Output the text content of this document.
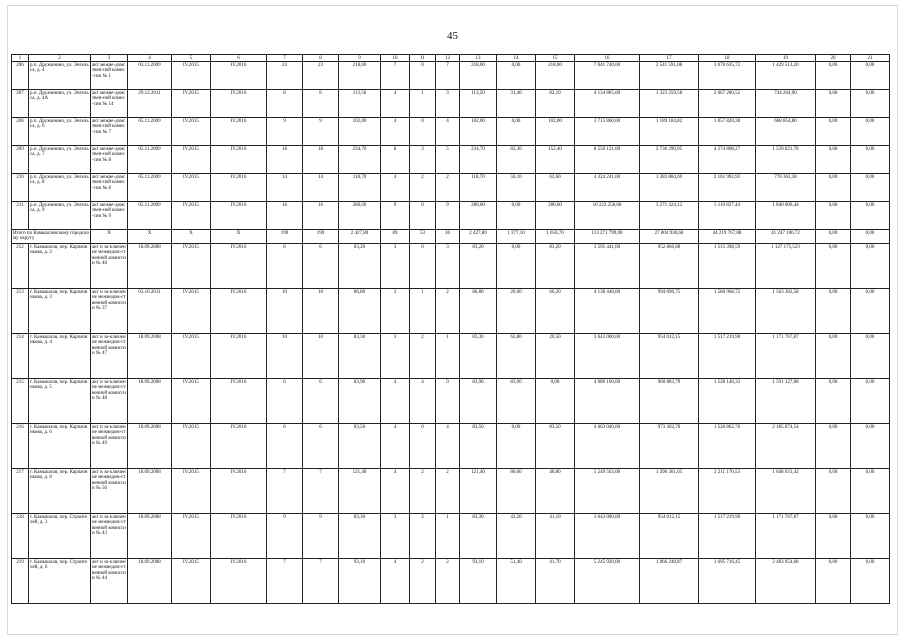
45
1	2	3	4	5	6	7	8	9	10	11	12	13	14	15	16	17	18	19	20	21
206	р.п. Дружинино, ул. Энгельса, д. 4	акт межве-домствен-ной комис-сии № 1	03.11.2009	IV.2015	IV.2016	23	23	218,00	7	0	7	218,00	0,00	218,00	7 041 740,00	2 541 591,08	3 070 635,72	1 429 513,20	0,00	0,00
207	р.п. Дружинино, ул. Энгельса, д. 4А	акт межве-домствен-ной комис-сии № 14	29.12.2011	IV.2015	IV.2016	8	8	113,50	4	1	3	113,50	31,40	82,10	4 134 805,00	1 323 259,58	2 067 280,52	744 264,90	0,00	0,00
208	р.п. Дружинино, ул. Энгельса, д. 6	акт межве-домствен-ной комис-сии № 7	05.11.2009	IV.2015	IV.2016	9	9	102,00	4	0	4	102,00	0,00	102,00	3 715 860,00	1 189 184,82	1 857 820,38	668 854,80	0,00	0,00
209	р.п. Дружинино, ул. Энгельса, д. 7	акт межве-домствен-ной комис-сии № 8	05.11.2009	IV.2015	IV.2016	18	18	234,70	8	3	5	234,70	82,30	152,40	8 550 121,00	2 736 290,95	4 274 808,27	1 539 021,78	0,00	0,00
210	р.п. Дружинино, ул. Энгельса, д. 8	акт межве-домствен-ной комис-сии № 8	05.11.2009	IV.2015	IV.2016	14	14	118,70	4	2	2	118,70	56,10	62,60	4 324 241,00	1 383 884,69	2 161 992,93	778 363,38	0,00	0,00
211	р.п. Дружинино, ул. Энгельса, д. 9	акт межве-домствен-ной комис-сии № 9	05.11.2009	IV.2015	IV.2016	16	16	280,60	9	0	9	280,60	0,00	280,60	10 222 258,00	3 271 424,12	5 110 827,44	1 840 006,44	0,00	0,00
Итого по Камышловскому городскому округу		X	X	X	X	199	199	2 427,80	89	53	36	2 427,80	1 377,10	1 050,70	113 271 799,00	27 804 930,60	44 219 767,88	41 247 100,72	0,00	0,00
212	г. Камышлов, пер. Карпачникова, д. 2	акт и за-ключение межведом-ственной комиссии № 46	18.09.2008	IV.2015	IV.2016	6	6	83,20	3	0	3	83,20	0,00	83,20	3 595 441,00	952 866,88	1 515 398,59	1 127 175,523	0,00	0,00
213	г. Камышлов, пер. Карпачникова, д. 3	акт и за-ключение межведом-ственной комиссии № 37	03.10.2011	IV.2015	IV.2016	10	10	86,80	3	1	2	86,80	20,60	66,20	4 138 448,00	994 096,75	1 580 968,72	1 563 382,58	0,00	0,00
214	г. Камышлов, пер. Карпачникова, д. 4	акт и за-ключение межведом-ственной комиссии № 47	18.09.2008	IV.2015	IV.2016	10	10	83,30	3	2	1	83,30	62,80	20,50	3 643 000,00	954 012,15	1 517 219,98	1 171 767,87	0,00	0,00
215	г. Камышлов, пер. Карпачникова, д. 5	акт и за-ключение межведом-ственной комиссии № 48	18.09.2008	IV.2015	IV.2016	6	6	83,90	4	4	0	83,90	83,90	0,00	4 080 160,00	960 883,79	1 528 148,33	1 591 127,88	0,00	0,00
216	г. Камышлов, пер. Карпачникова, д. 6	акт и за-ключение межведом-ственной комиссии № 49	18.09.2008	IV.2015	IV.2016	6	6	83,50	4	0	4	83,50	0,00	83,50	4 663 040,00	973 302,70	1 520 862,76	2 185 874,54	0,00	0,00
217	г. Камышлов, пер. Карпачникова, д. 8	акт и за-ключение межведом-ственной комиссии № 50	18.09.2008	IV.2015	IV.2016	7	7	121,40	4	2	2	121,40	80,60	40,80	5 249 563,00	1 390 361,05	2 211 170,53	1 648 031,42	0,00	0,00
218	г. Камышлов, пер. Строителей, д. 3	акт и за-ключение межведом-ственной комиссии № 43	18.09.2008	IV.2015	IV.2016	9	9	83,30	3	2	1	83,30	42,20	41,10	3 643 000,00	954 012,15	1 517 219,98	1 171 767,87	0,00	0,00
219	г. Камышлов, пер. Строителей, д. 6	акт и за-ключение межведом-ственной комиссии № 44	18.09.2008	IV.2015	IV.2016	7	7	93,10	4	2	2	93,10	51,40	41,70	5 245 920,00	1 066 248,87	1 695 716,45	2 483 954,68	0,00	0,00
